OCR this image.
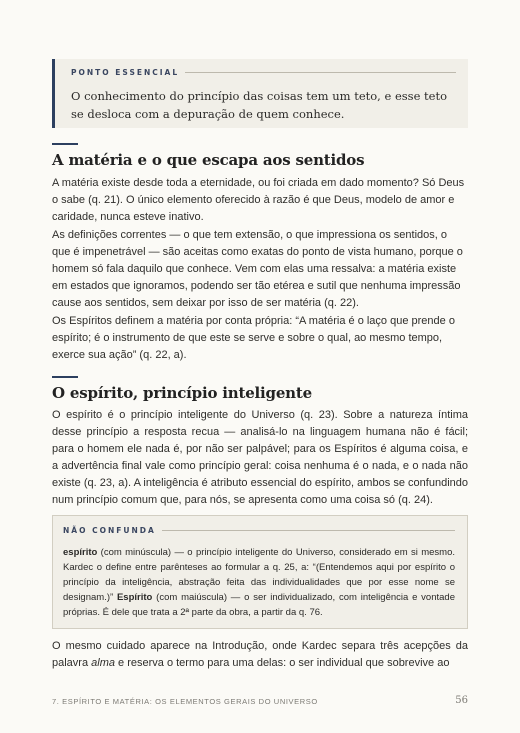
PONTO ESSENCIAL
O conhecimento do princípio das coisas tem um teto, e esse teto se desloca com a depuração de quem conhece.
A matéria e o que escapa aos sentidos

A matéria existe desde toda a eternidade, ou foi criada em dado momento? Só Deus o sabe (q. 21). O único elemento oferecido à razão é que Deus, modelo de amor e caridade, nunca esteve inativo.

As definições correntes — o que tem extensão, o que impressiona os sentidos, o que é impenetrável — são aceitas como exatas do ponto de vista humano, porque o homem só fala daquilo que conhece. Vem com elas uma ressalva: a matéria existe em estados que ignoramos, podendo ser tão etérea e sutil que nenhuma impressão cause aos sentidos, sem deixar por isso de ser matéria (q. 22).

Os Espíritos definem a matéria por conta própria: “A matéria é o laço que prende o espírito; é o instrumento de que este se serve e sobre o qual, ao mesmo tempo, exerce sua ação” (q. 22, a).

O espírito, princípio inteligente

O espírito é o princípio inteligente do Universo (q. 23). Sobre a natureza íntima desse princípio a resposta recua — analisá-lo na linguagem humana não é fácil; para o homem ele nada é, por não ser palpável; para os Espíritos é alguma coisa, e a advertência final vale como princípio geral: coisa nenhuma é o nada, e o nada não existe (q. 23, a). A inteligência é atributo essencial do espírito, ambos se confundindo num princípio comum que, para nós, se apresenta como uma coisa só (q. 24).

NÃO CONFUNDA
espírito (com minúscula) — o princípio inteligente do Universo, considerado em si mesmo. Kardec o define entre parênteses ao formular a q. 25, a: “(Entendemos aqui por espírito o princípio da inteligência, abstração feita das individualidades que por esse nome se designam.)” Espírito (com maiúscula) — o ser individualizado, com inteligência e vontade próprias. É dele que trata a 2ª parte da obra, a partir da q. 76.

O mesmo cuidado aparece na Introdução, onde Kardec separa três acepções da palavra alma e reserva o termo para uma delas: o ser individual que sobrevive ao

7. ESPÍRITO E MATÉRIA: OS ELEMENTOS GERAIS DO UNIVERSO	56
